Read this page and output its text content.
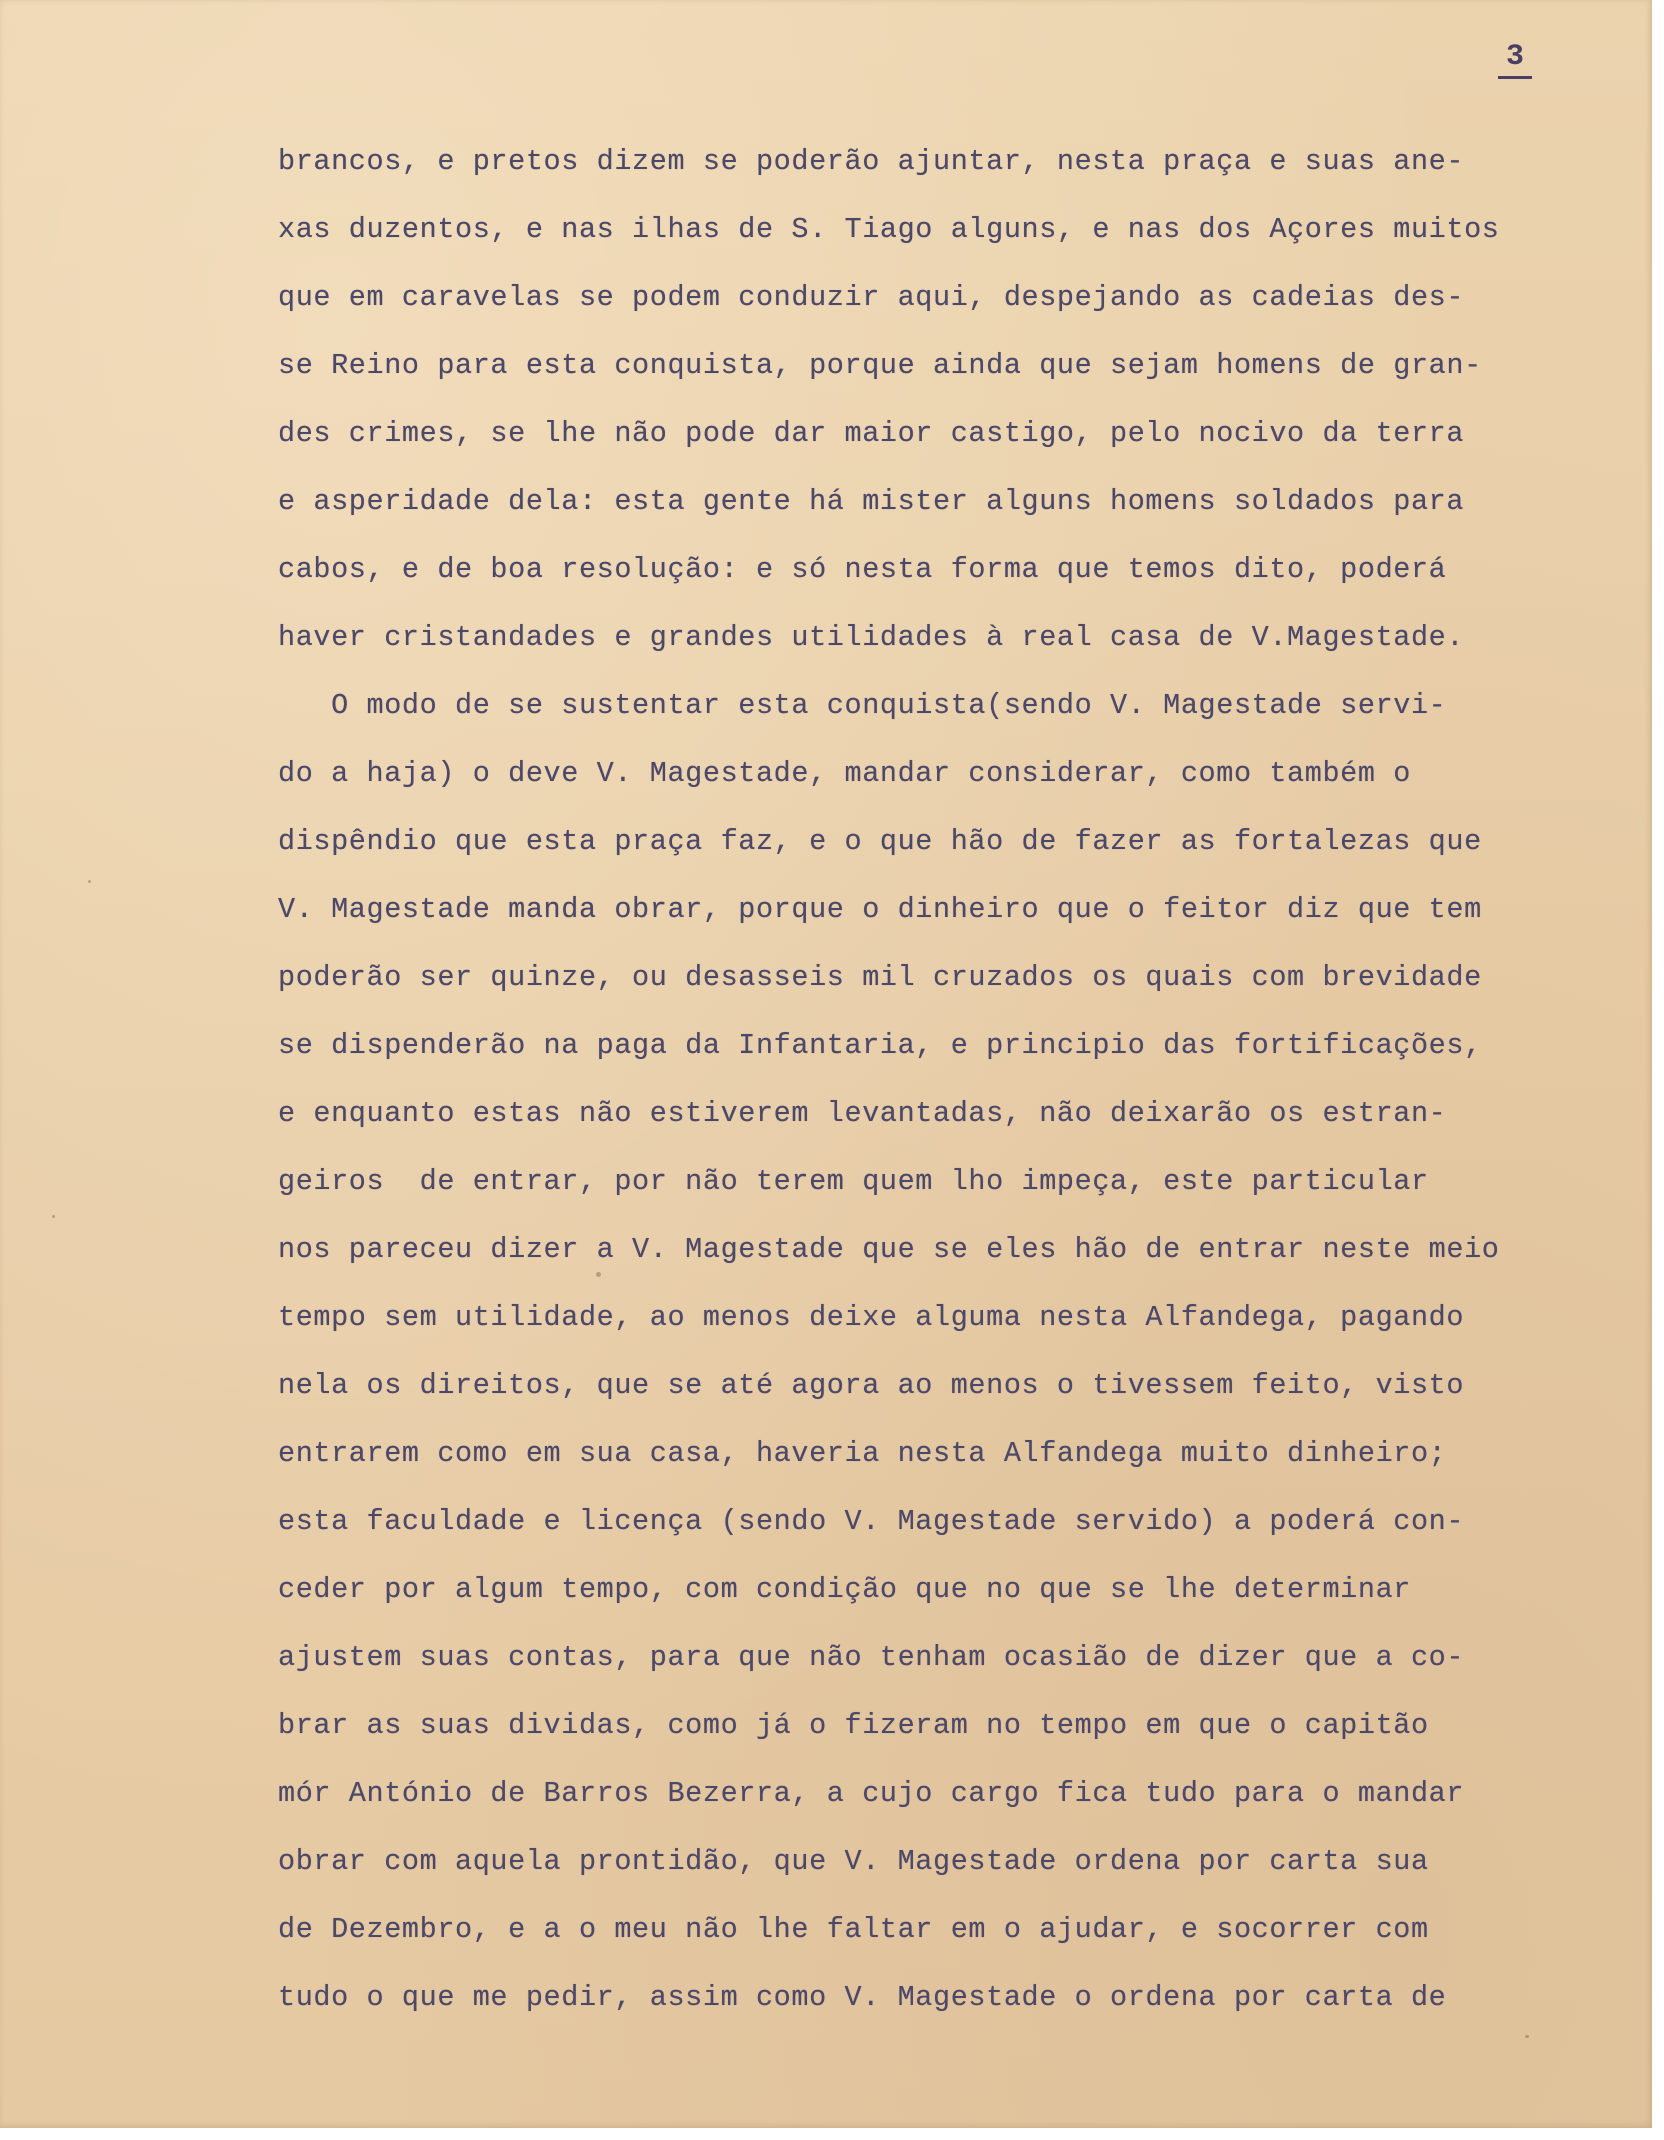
3
brancos, e pretos dizem se poderão ajuntar, nesta praça e suas ane-
xas duzentos, e nas ilhas de S. Tiago alguns, e nas dos Açores muitos
que em caravelas se podem conduzir aqui, despejando as cadeias des-
se Reino para esta conquista, porque ainda que sejam homens de gran-
des crimes, se lhe não pode dar maior castigo, pelo nocivo da terra
e asperidade dela: esta gente há mister alguns homens soldados para
cabos, e de boa resolução: e só nesta forma que temos dito, poderá
haver cristandades e grandes utilidades à real casa de V.Magestade.
O modo de se sustentar esta conquista(sendo V. Magestade servi-
do a haja) o deve V. Magestade, mandar considerar, como também o
dispêndio que esta praça faz, e o que hão de fazer as fortalezas que
V. Magestade manda obrar, porque o dinheiro que o feitor diz que tem
poderão ser quinze, ou desasseis mil cruzados os quais com brevidade
se dispenderão na paga da Infantaria, e principio das fortificações,
e enquanto estas não estiverem levantadas, não deixarão os estran-
geiros  de entrar, por não terem quem lho impeça, este particular
nos pareceu dizer a V. Magestade que se eles hão de entrar neste meio
tempo sem utilidade, ao menos deixe alguma nesta Alfandega, pagando
nela os direitos, que se até agora ao menos o tivessem feito, visto
entrarem como em sua casa, haveria nesta Alfandega muito dinheiro;
esta faculdade e licença (sendo V. Magestade servido) a poderá con-
ceder por algum tempo, com condição que no que se lhe determinar
ajustem suas contas, para que não tenham ocasião de dizer que a co-
brar as suas dividas, como já o fizeram no tempo em que o capitão
mór António de Barros Bezerra, a cujo cargo fica tudo para o mandar
obrar com aquela prontidão, que V. Magestade ordena por carta sua
de Dezembro, e a o meu não lhe faltar em o ajudar, e socorrer com
tudo o que me pedir, assim como V. Magestade o ordena por carta de
